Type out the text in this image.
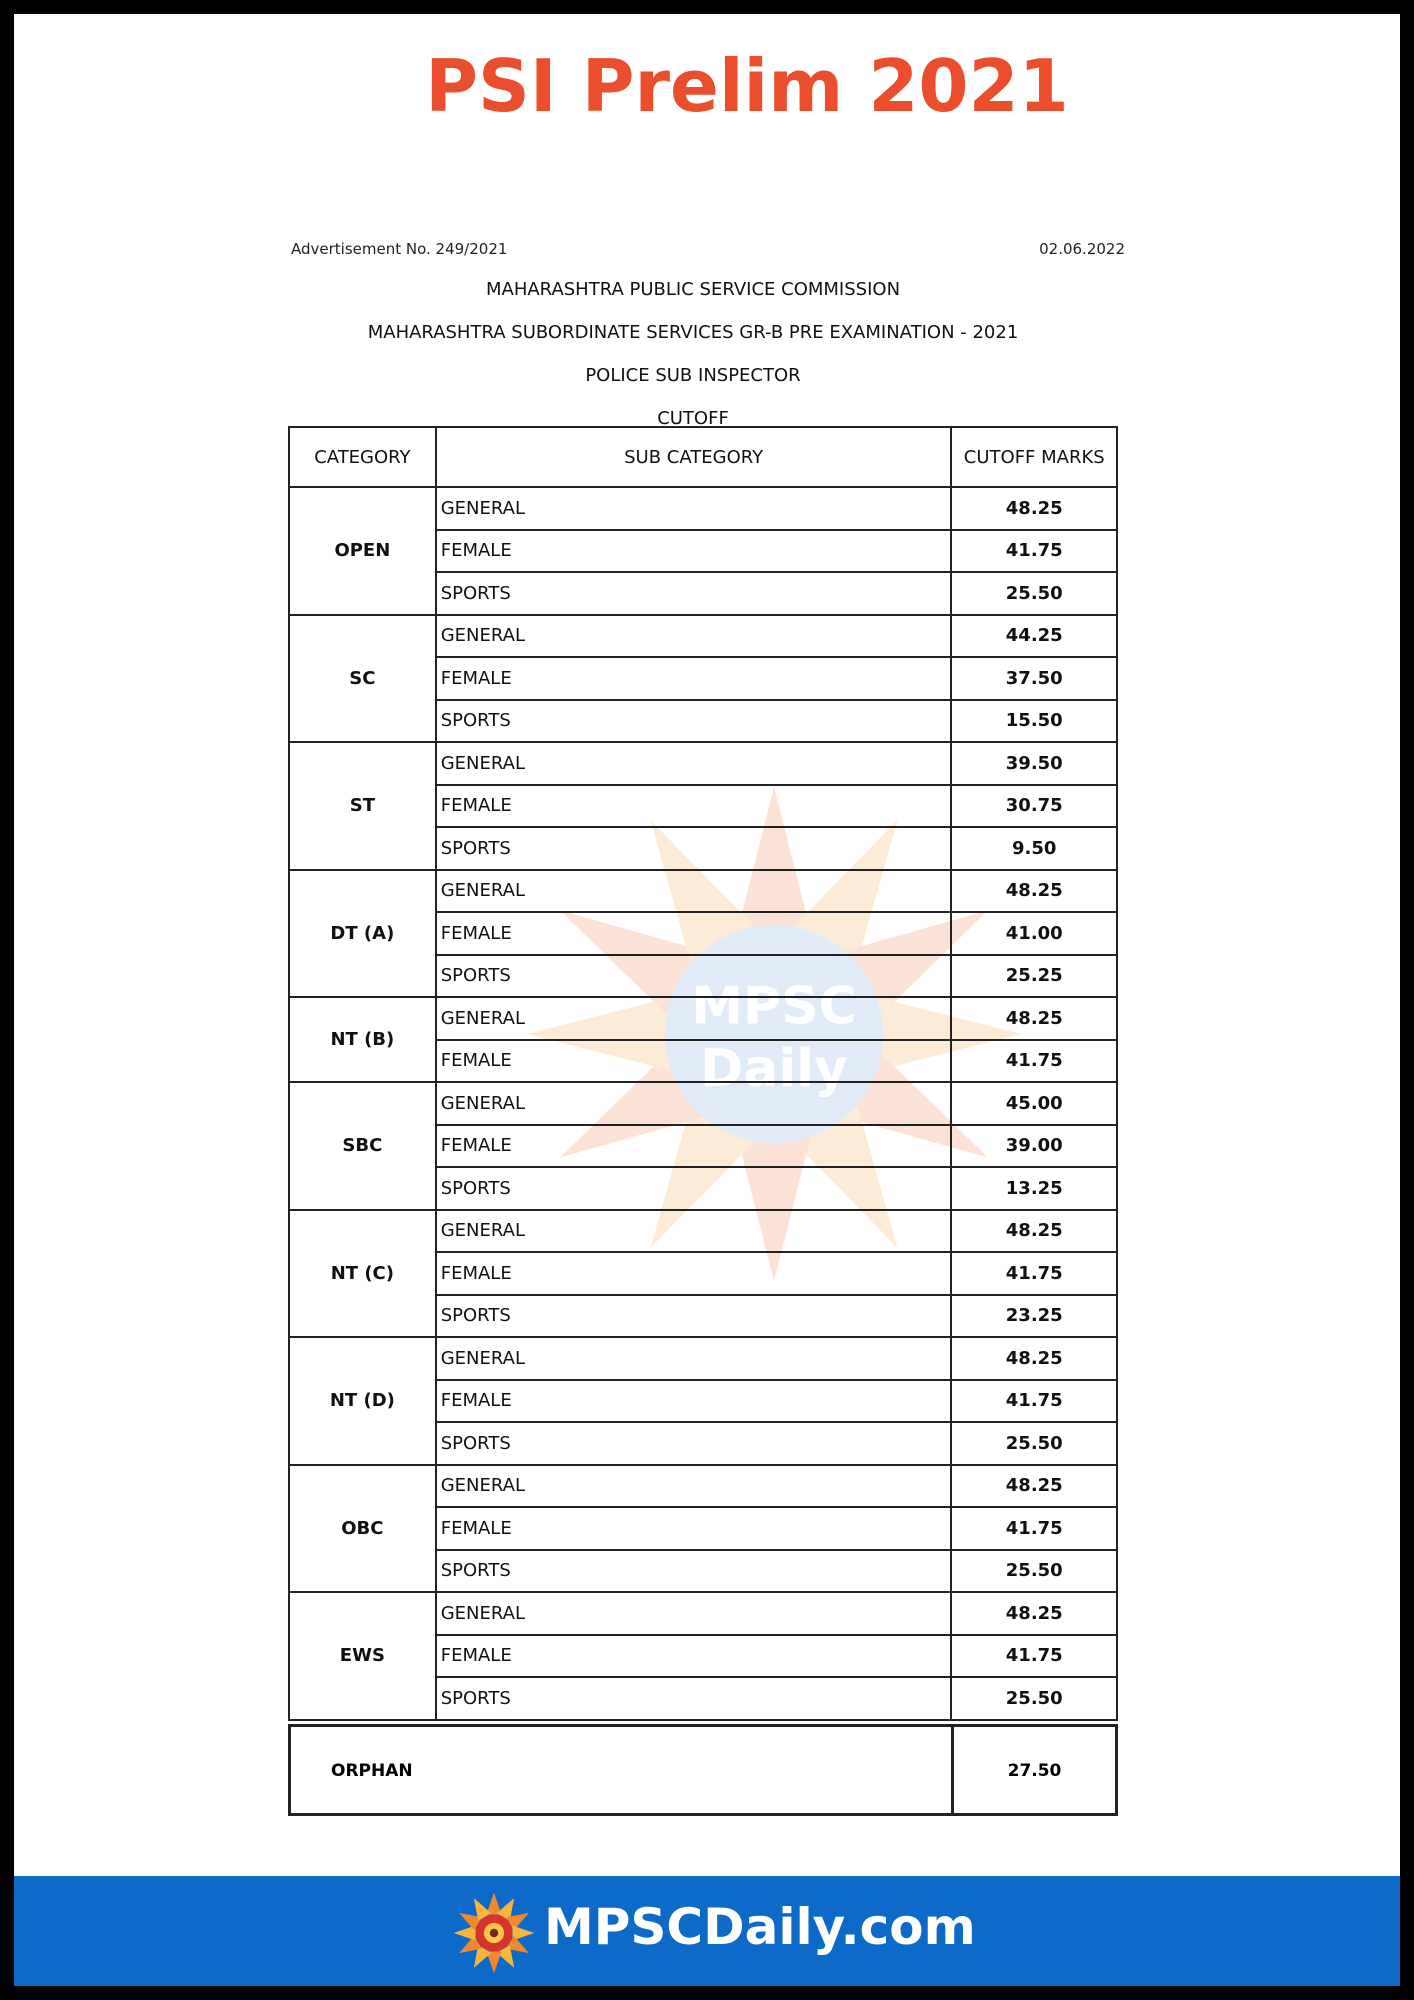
PSI Prelim 2021
MPSC
Daily
Advertisement No. 249/2021	02.06.2022
MAHARASHTRA PUBLIC SERVICE COMMISSION
MAHARASHTRA SUBORDINATE SERVICES GR-B PRE EXAMINATION - 2021
POLICE SUB INSPECTOR
CUTOFF
CATEGORY	SUB CATEGORY	CUTOFF MARKS
OPEN	GENERAL	48.25
	FEMALE	41.75
	SPORTS	25.50
SC	GENERAL	44.25
	FEMALE	37.50
	SPORTS	15.50
ST	GENERAL	39.50
	FEMALE	30.75
	SPORTS	9.50
DT (A)	GENERAL	48.25
	FEMALE	41.00
	SPORTS	25.25
NT (B)	GENERAL	48.25
	FEMALE	41.75
SBC	GENERAL	45.00
	FEMALE	39.00
	SPORTS	13.25
NT (C)	GENERAL	48.25
	FEMALE	41.75
	SPORTS	23.25
NT (D)	GENERAL	48.25
	FEMALE	41.75
	SPORTS	25.50
OBC	GENERAL	48.25
	FEMALE	41.75
	SPORTS	25.50
EWS	GENERAL	48.25
	FEMALE	41.75
	SPORTS	25.50
ORPHAN	27.50
MPSCDaily.com
